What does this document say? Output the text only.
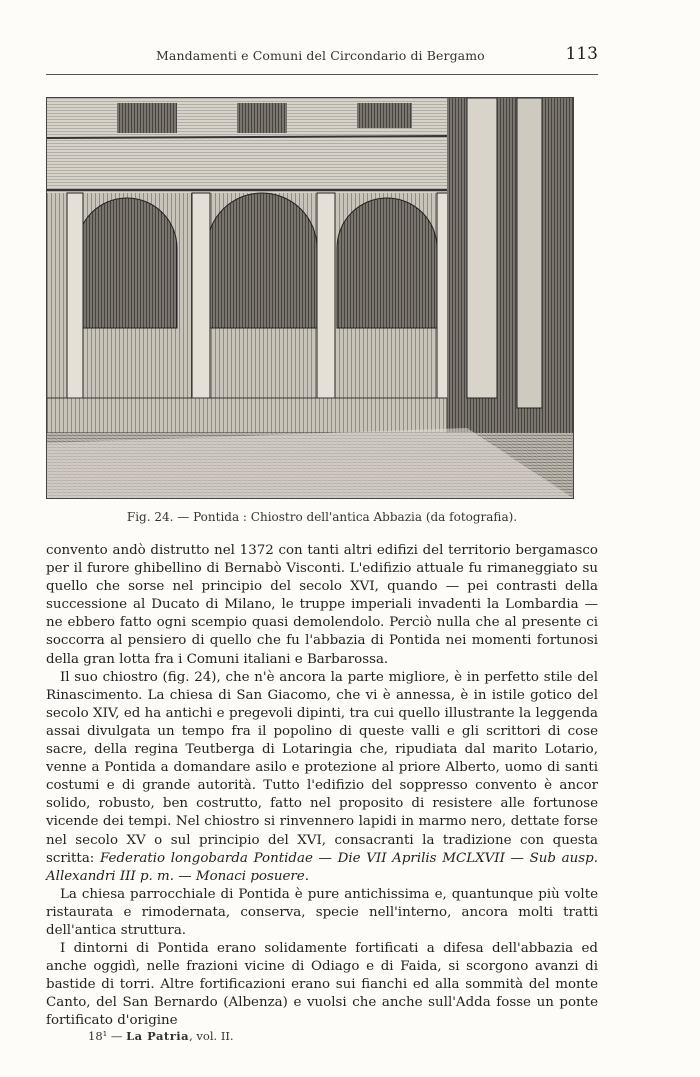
Mandamenti e Comuni del Circondario di Bergamo	113
Fig. 24. — Pontida : Chiostro dell'antica Abbazia (da fotografia).

convento andò distrutto nel 1372 con tanti altri edifizi del territorio bergamasco per il furore ghibellino di Bernabò Visconti. L'edifizio attuale fu rimaneggiato su quello che sorse nel principio del secolo XVI, quando — pei contrasti della successione al Ducato di Milano, le truppe imperiali invadenti la Lombardia — ne ebbero fatto ogni scempio quasi demolendolo. Perciò nulla che al presente ci soccorra al pensiero di quello che fu l'abbazia di Pontida nei momenti fortunosi della gran lotta fra i Comuni italiani e Barbarossa.

Il suo chiostro (fig. 24), che n'è ancora la parte migliore, è in perfetto stile del Rinascimento. La chiesa di San Giacomo, che vi è annessa, è in istile gotico del secolo XIV, ed ha antichi e pregevoli dipinti, tra cui quello illustrante la leggenda assai divulgata un tempo fra il popolino di queste valli e gli scrittori di cose sacre, della regina Teutberga di Lotaringia che, ripudiata dal marito Lotario, venne a Pontida a domandare asilo e protezione al priore Alberto, uomo di santi costumi e di grande autorità. Tutto l'edifizio del soppresso convento è ancor solido, robusto, ben costrutto, fatto nel proposito di resistere alle fortunose vicende dei tempi. Nel chiostro si rinvennero lapidi in marmo nero, dettate forse nel secolo XV o sul principio del XVI, consacranti la tradizione con questa scritta: Federatio longobarda Pontidae — Die VII Aprilis MCLXVII — Sub ausp. Allexandri III p. m. — Monaci posuere.

La chiesa parrocchiale di Pontida è pure antichissima e, quantunque più volte ristaurata e rimodernata, conserva, specie nell'interno, ancora molti tratti dell'antica struttura.

I dintorni di Pontida erano solidamente fortificati a difesa dell'abbazia ed anche oggidì, nelle frazioni vicine di Odiago e di Faida, si scorgono avanzi di bastide di torri. Altre fortificazioni erano sui fianchi ed alla sommità del monte Canto, del San Bernardo (Albenza) e vuolsi che anche sull'Adda fosse un ponte fortificato d'origine

18¹ — La Patria, vol. II.
